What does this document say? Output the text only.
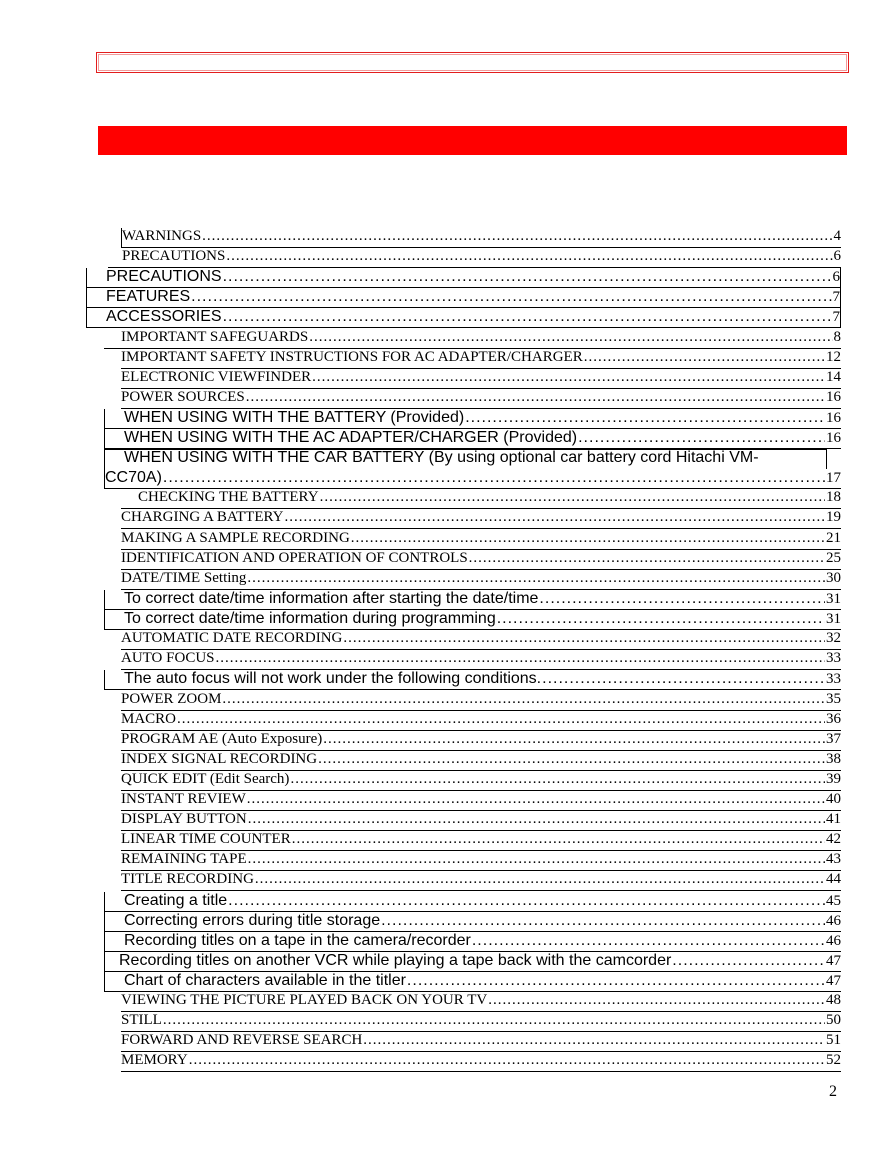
WARNINGS .....	4
PRECAUTIONS .....	6
PRECAUTIONS .....	6
FEATURES .....	7
ACCESSORIES .....	7
IMPORTANT SAFEGUARDS .....	8
IMPORTANT SAFETY INSTRUCTIONS FOR AC ADAPTER/CHARGER .....	12
ELECTRONIC VIEWFINDER .....	14
POWER SOURCES .....	16
WHEN USING WITH THE BATTERY (Provided) .....	16
WHEN USING WITH THE AC ADAPTER/CHARGER (Provided) .....	16
WHEN USING WITH THE CAR BATTERY (By using optional car battery cord Hitachi VM-
CC70A) .....	17
CHECKING THE BATTERY .....	18
CHARGING A BATTERY .....	19
MAKING A SAMPLE RECORDING .....	21
IDENTIFICATION AND OPERATION OF CONTROLS .....	25
DATE/TIME Setting .....	30
To correct date/time information after starting the date/time .....	31
To correct date/time information during programming .....	31
AUTOMATIC DATE RECORDING .....	32
AUTO FOCUS .....	33
The auto focus will not work under the following conditions. .....	33
POWER ZOOM .....	35
MACRO .....	36
PROGRAM AE (Auto Exposure) .....	37
INDEX SIGNAL RECORDING .....	38
QUICK EDIT (Edit Search) .....	39
INSTANT REVIEW .....	40
DISPLAY BUTTON .....	41
LINEAR TIME COUNTER .....	42
REMAINING TAPE .....	43
TITLE RECORDING .....	44
Creating a title .....	45
Correcting errors during title storage .....	46
Recording titles on a tape in the camera/recorder .....	46
Recording titles on another VCR while playing a tape back with the camcorder .....	47
Chart of characters available in the titler .....	47
VIEWING THE PICTURE PLAYED BACK ON YOUR TV .....	48
STILL .....	50
FORWARD AND REVERSE SEARCH .....	51
MEMORY .....	52
2
